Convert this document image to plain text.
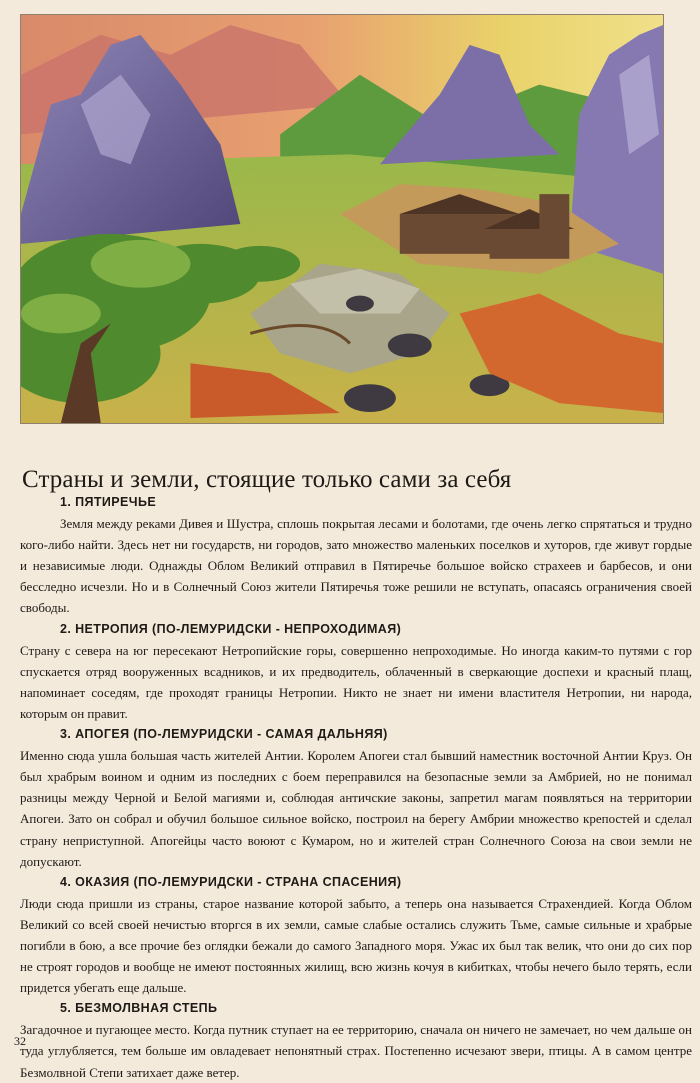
Страны и земли, стоящие только сами за себя

1. ПЯТИРЕЧЬЕ

Земля между реками Дивея и Шустра, сплошь покрытая лесами и болотами, где очень легко спрятаться и трудно кого-либо найти. Здесь нет ни государств, ни городов, зато множество маленьких поселков и хуторов, где живут гордые и независимые люди. Однажды Облом Великий отправил в Пятиречье большое войско страхеев и барбесов, и они бесследно исчезли. Но и в Солнечный Союз жители Пятиречья тоже решили не вступать, опасаясь ограничения своей свободы.

2. НЕТРОПИЯ (ПО-ЛЕМУРИДСКИ - НЕПРОХОДИМАЯ)

Страну с севера на юг пересекают Нетропийские горы, совершенно непроходимые. Но иногда каким-то путями с гор спускается отряд вооруженных всадников, и их предводитель, облаченный в сверкающие доспехи и красный плащ, напоминает соседям, где проходят границы Нетропии. Никто не знает ни имени властителя Нетропии, ни народа, которым он правит.

3. АПОГЕЯ (ПО-ЛЕМУРИДСКИ - САМАЯ ДАЛЬНЯЯ)

Именно сюда ушла большая часть жителей Антии. Королем Апогеи стал бывший наместник восточной Антии Круз. Он был храбрым воином и одним из последних с боем переправился на безопасные земли за Амбрией, но не понимал разницы между Черной и Белой магиями и, соблюдая античские законы, запретил магам появляться на территории Апогеи. Зато он собрал и обучил большое сильное войско, построил на берегу Амбрии множество крепостей и сделал страну неприступной. Апогейцы часто воюют с Кумаром, но и жителей стран Солнечного Союза на свои земли не допускают.

4. ОКАЗИЯ (ПО-ЛЕМУРИДСКИ - СТРАНА СПАСЕНИЯ)

Люди сюда пришли из страны, старое название которой забыто, а теперь она называется Страхендией. Когда Облом Великий со всей своей нечистью вторгся в их земли, самые слабые остались служить Тьме, самые сильные и храбрые погибли в бою, а все прочие без оглядки бежали до самого Западного моря. Ужас их был так велик, что они до сих пор не строят городов и вообще не имеют постоянных жилищ, всю жизнь кочуя в кибитках, чтобы нечего было терять, если придется убегать еще дальше.

5. БЕЗМОЛВНАЯ СТЕПЬ

Загадочное и пугающее место. Когда путник ступает на ее территорию, сначала он ничего не замечает, но чем дальше он туда углубляется, тем больше им овладевает непонятный страх. Постепенно исчезают звери, птицы. А в самом центре Безмолвной Степи затихает даже ветер.

32
